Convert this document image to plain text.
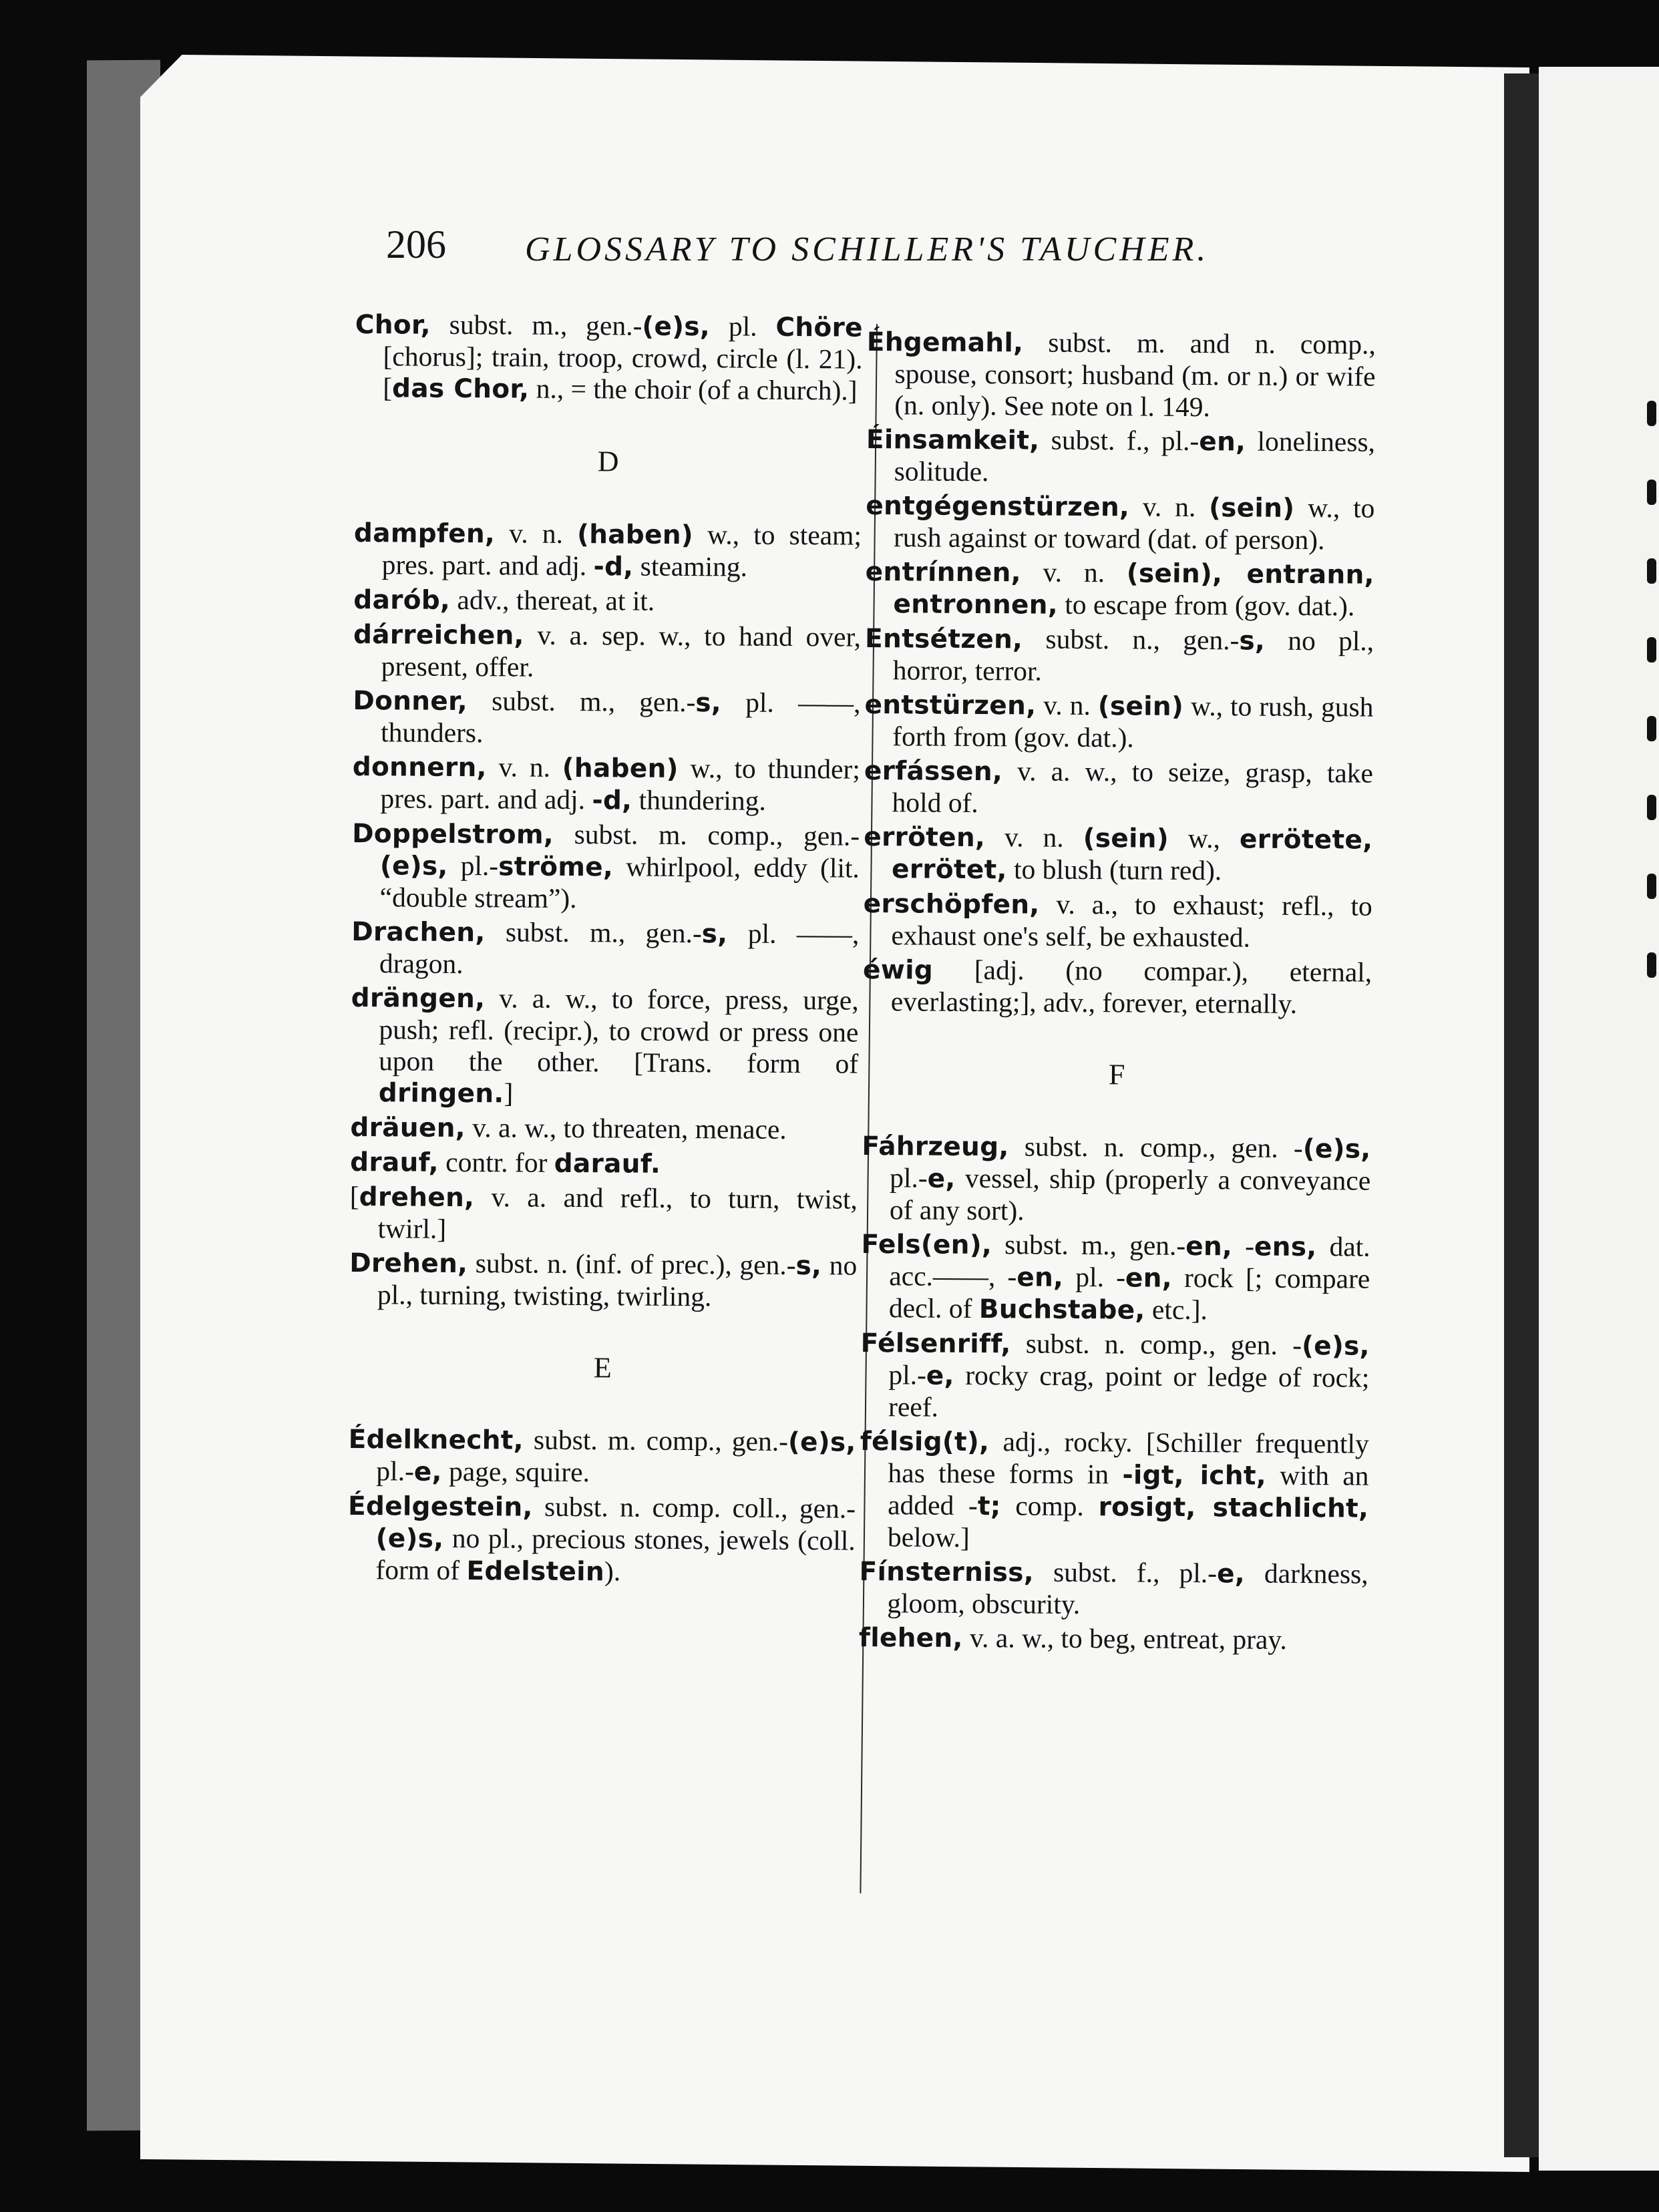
206 GLOSSARY TO SCHILLER'S TAUCHER.
Chor, subst. m., gen.-(e)s, pl. Chöre [chorus]; train, troop, crowd, circle (l. 21). [das Chor, n., = the choir (of a church).]
D
dampfen, v. n. (haben) w., to steam; pres. part. and adj. -d, steaming.
darób, adv., thereat, at it.
dárreichen, v. a. sep. w., to hand over, present, offer.
Donner, subst. m., gen.-s, pl. ——, thunders.
donnern, v. n. (haben) w., to thunder; pres. part. and adj. -d, thundering.
Doppelstrom, subst. m. comp., gen.-(e)s, pl.-ströme, whirlpool, eddy (lit. “double stream”).
Drachen, subst. m., gen.-s, pl. ——, dragon.
drängen, v. a. w., to force, press, urge, push; refl. (recipr.), to crowd or press one upon the other. [Trans. form of dringen.]
dräuen, v. a. w., to threaten, menace.
drauf, contr. for darauf.
[drehen, v. a. and refl., to turn, twist, twirl.]
Drehen, subst. n. (inf. of prec.), gen.-s, no pl., turning, twisting, twirling.
E
Édelknecht, subst. m. comp., gen.-(e)s, pl.-e, page, squire.
Édelgestein, subst. n. comp. coll., gen.-(e)s, no pl., precious stones, jewels (coll. form of Edelstein).
Éhgemahl, subst. m. and n. comp., spouse, consort; husband (m. or n.) or wife (n. only). See note on l. 149.
Éinsamkeit, subst. f., pl.-en, loneliness, solitude.
entgégenstürzen, v. n. (sein) w., to rush against or toward (dat. of person).
entrínnen, v. n. (sein), entrann, entronnen, to escape from (gov. dat.).
Entsétzen, subst. n., gen.-s, no pl., horror, terror.
entstürzen, v. n. (sein) w., to rush, gush forth from (gov. dat.).
erfássen, v. a. w., to seize, grasp, take hold of.
erröten, v. n. (sein) w., errötete, errötet, to blush (turn red).
erschöpfen, v. a., to exhaust; refl., to exhaust one's self, be exhausted.
éwig [adj. (no compar.), eternal, everlasting;], adv., forever, eternally.
F
Fáhrzeug, subst. n. comp., gen. -(e)s, pl.-e, vessel, ship (properly a conveyance of any sort).
Fels(en), subst. m., gen.-en, -ens, dat. acc.——, -en, pl. -en, rock [; compare decl. of Buchstabe, etc.].
Félsenriff, subst. n. comp., gen. -(e)s, pl.-e, rocky crag, point or ledge of rock; reef.
félsig(t), adj., rocky. [Schiller frequently has these forms in -igt, icht, with an added -t; comp. rosigt, stachlicht, below.]
Fínsterniss, subst. f., pl.-e, darkness, gloom, obscurity.
flehen, v. a. w., to beg, entreat, pray.
